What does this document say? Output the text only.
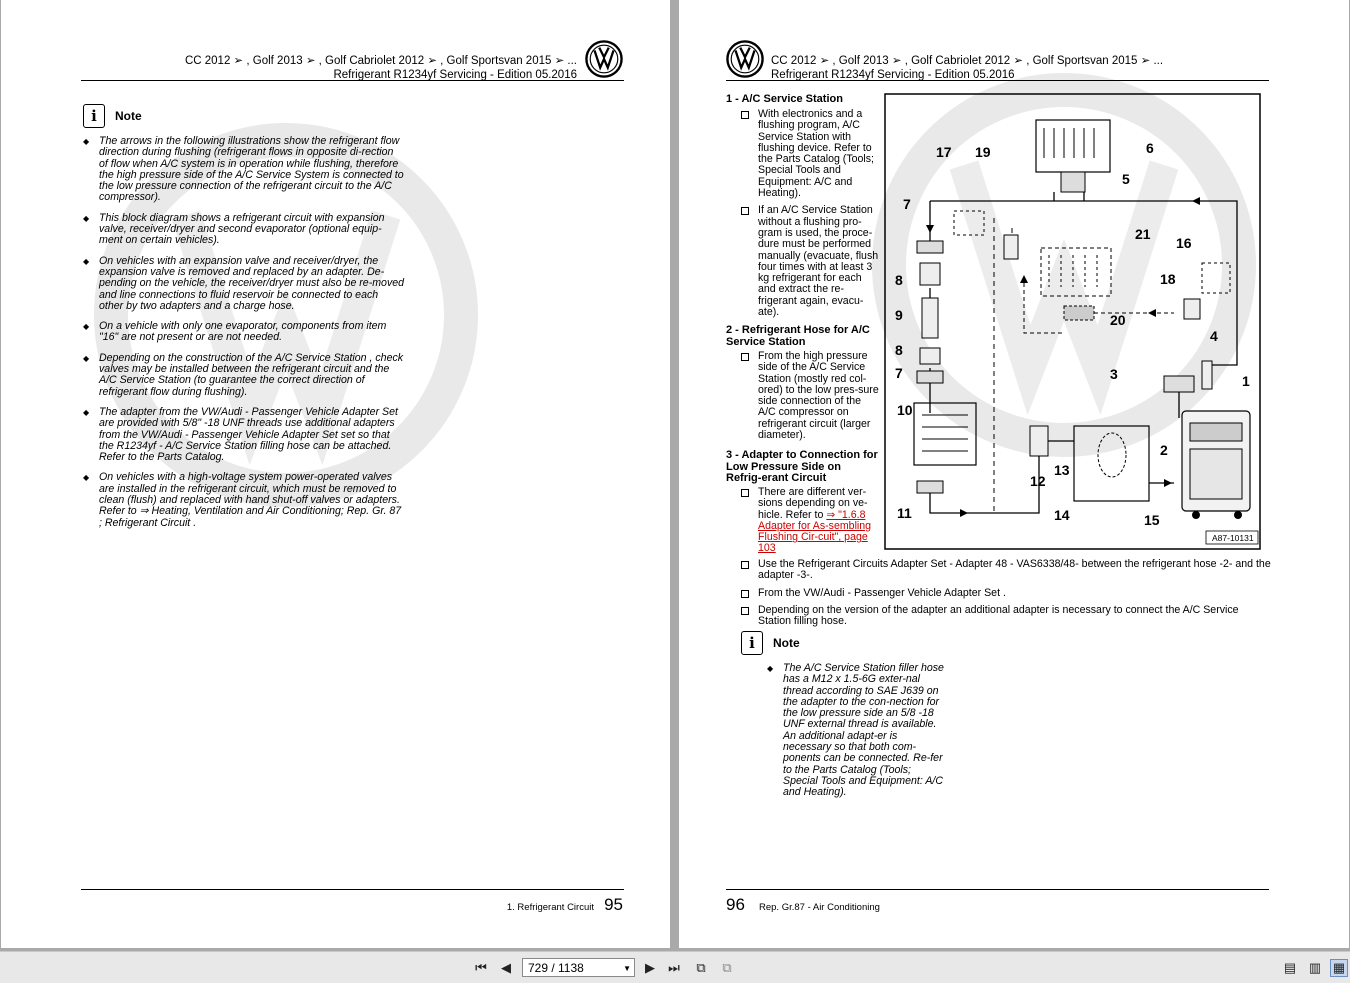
CC 2012 ➢ , Golf 2013 ➢ , Golf Cabriolet 2012 ➢ , Golf Sportsvan 2015 ➢ ...
Refrigerant R1234yf Servicing - Edition 05.2016
i	Note
◆ The arrows in the following illustrations show the refrigerant flow direction during flushing (refrigerant flows in opposite di-rection of flow when A/C system is in operation while flushing, therefore the high pressure side of the A/C Service System is connected to the low pressure connection of the refrigerant circuit to the A/C compressor).
◆ This block diagram shows a refrigerant circuit with expansion valve, receiver/dryer and second evaporator (optional equip-ment on certain vehicles).
◆ On vehicles with an expansion valve and receiver/dryer, the expansion valve is removed and replaced by an adapter. De-pending on the vehicle, the receiver/dryer must also be re-moved and line connections to fluid reservoir be connected to each other by two adapters and a charge hose.
◆ On a vehicle with only one evaporator, components from item "16" are not present or are not needed.
◆ Depending on the construction of the A/C Service Station , check valves may be installed between the refrigerant circuit and the A/C Service Station (to guarantee the correct direction of refrigerant flow during flushing).
◆ The adapter from the VW/Audi - Passenger Vehicle Adapter Set are provided with 5/8" -18 UNF threads use additional adapters from the VW/Audi - Passenger Vehicle Adapter Set set so that the R1234yf - A/C Service Station filling hose can be attached. Refer to the Parts Catalog.
◆ On vehicles with a high-voltage system power-operated valves are installed in the refrigerant circuit, which must be removed to clean (flush) and replaced with hand shut-off valves or adapters. Refer to ⇒ Heating, Ventilation and Air Conditioning; Rep. Gr. 87 ; Refrigerant Circuit .
1. Refrigerant Circuit 95
CC 2012 ➢ , Golf 2013 ➢ , Golf Cabriolet 2012 ➢ , Golf Sportsvan 2015 ➢ ...
Refrigerant R1234yf Servicing - Edition 05.2016
1 - A/C Service Station
With electronics and a flushing program, A/C Service Station with flushing device. Refer to the Parts Catalog (Tools; Special Tools and Equipment: A/C and Heating).
If an A/C Service Station without a flushing pro-gram is used, the proce-dure must be performed manually (evacuate, flush four times with at least 3 kg refrigerant for each and extract the re-frigerant again, evacu-ate).
2 - Refrigerant Hose for A/C Service Station
From the high pressure side of the A/C Service Station (mostly red col-ored) to the low pres-sure side connection of the A/C compressor on refrigerant circuit (larger diameter).
3 - Adapter to Connection for Low Pressure Side on Refrig-erant Circuit
There are different ver-sions depending on ve-hicle. Refer to ⇒ "1.6.8 Adapter for As-sembling Flushing Cir-cuit", page 103
Use the Refrigerant Circuits Adapter Set - Adapter 48 - VAS6338/48- between the refrigerant hose -2- and the adapter -3-.
From the VW/Audi - Passenger Vehicle Adapter Set .
Depending on the version of the adapter an additional adapter is necessary to connect the A/C Service Station filling hose.
1
2
3
4
5
6
7
8
9
8
7
10
11
12
13
14	15
16
17
18
19
20
21
A87-10131
i	Note
◆ The A/C Service Station filler hose has a M12 x 1.5-6G exter-nal thread according to SAE J639 on the adapter to the con-nection for the low pressure side an 5/8 -18 UNF external thread is available. An additional adapt-er is necessary so that both com-ponents can be connected. Re-fer to the Parts Catalog (Tools; Special Tools and Equipment: A/C and Heating).
96 Rep. Gr.87 - Air Conditioning
⏮	◀	729 / 1138	▼	▶	⏭	⧉	⧉	▤ ▥ ▦
